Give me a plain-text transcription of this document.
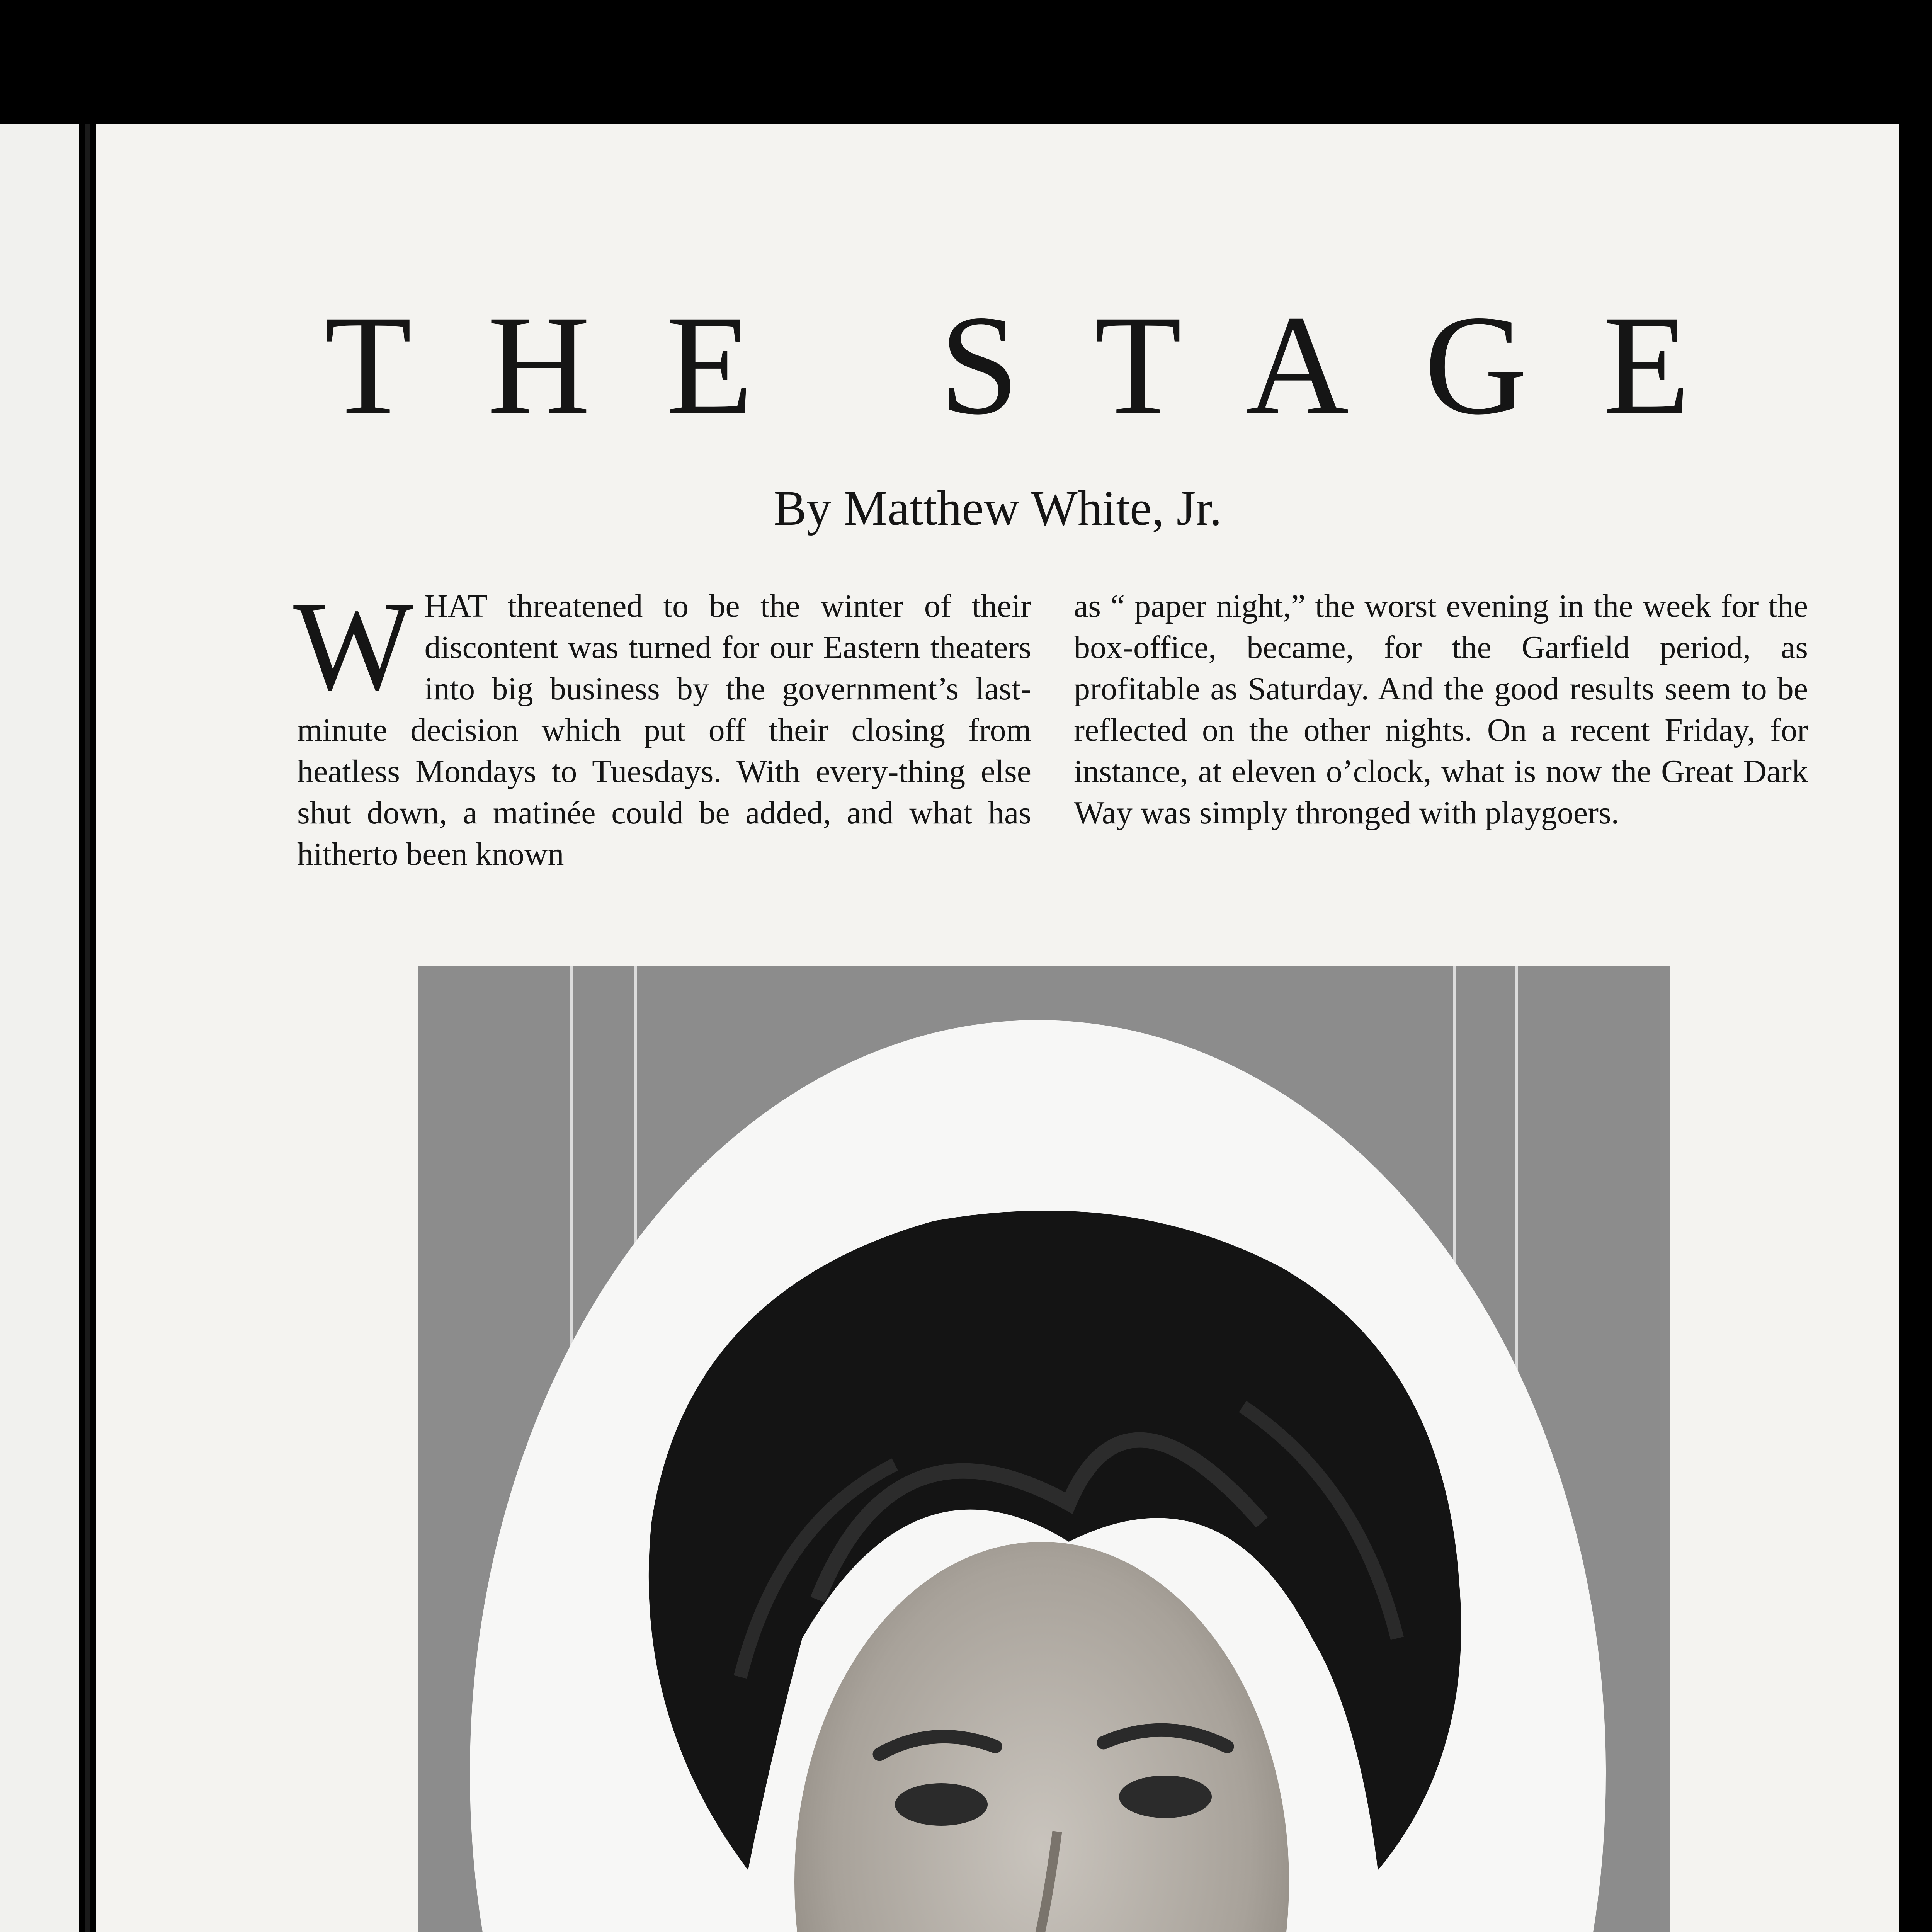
THE STAGE
By Matthew White, Jr.
WHAT threatened to be the winter of their discontent was turned for our Eastern theaters into big business by the government’s last-minute decision which put off their closing from heatless Mondays to Tuesdays. With every-thing else shut down, a matinée could be added, and what has hitherto been known
as “ paper night,” the worst evening in the week for the box-office, became, for the Garfield period, as profitable as Saturday. And the good results seem to be reflected on the other nights. On a recent Friday, for instance, at eleven o’clock, what is now the Great Dark Way was simply thronged with playgoers.
